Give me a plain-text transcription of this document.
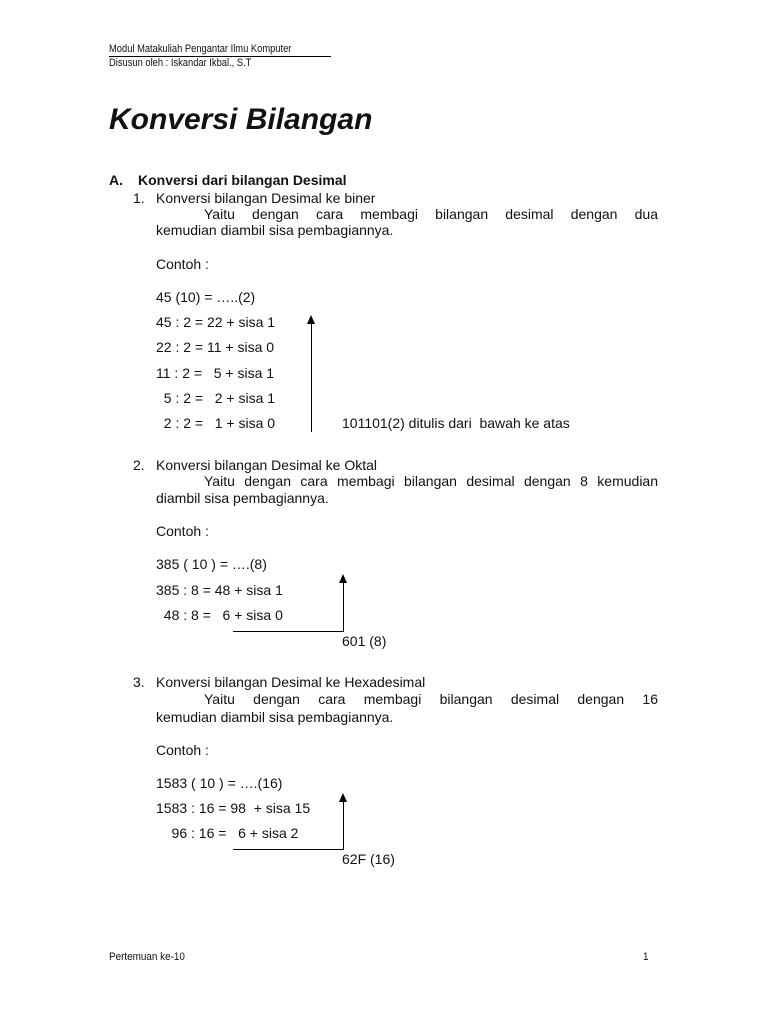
Modul Matakuliah Pengantar Ilmu Komputer
Disusun oleh : Iskandar Ikbal., S.T
Konversi Bilangan
A. Konversi dari bilangan Desimal
1. Konversi bilangan Desimal ke biner
Yaitu dengan cara membagi bilangan desimal dengan dua
kemudian diambil sisa pembagiannya.
Contoh :
45 (10) = …..(2)
45 : 2 = 22 + sisa 1
22 : 2 = 11 + sisa 0
11 : 2 =   5 + sisa 1
5 : 2 =   2 + sisa 1
2 : 2 =   1 + sisa 0	101101(2) ditulis dari  bawah ke atas
2. Konversi bilangan Desimal ke Oktal
Yaitu dengan cara membagi bilangan desimal dengan 8 kemudian
diambil sisa pembagiannya.
Contoh :
385 ( 10 ) = ….(8)
385 : 8 = 48 + sisa 1
48 : 8 =   6 + sisa 0
601 (8)
3. Konversi bilangan Desimal ke Hexadesimal
Yaitu dengan cara membagi bilangan desimal dengan 16
kemudian diambil sisa pembagiannya.
Contoh :
1583 ( 10 ) = ….(16)
1583 : 16 = 98  + sisa 15
96 : 16 =   6 + sisa 2
62F (16)
Pertemuan ke-10	1
